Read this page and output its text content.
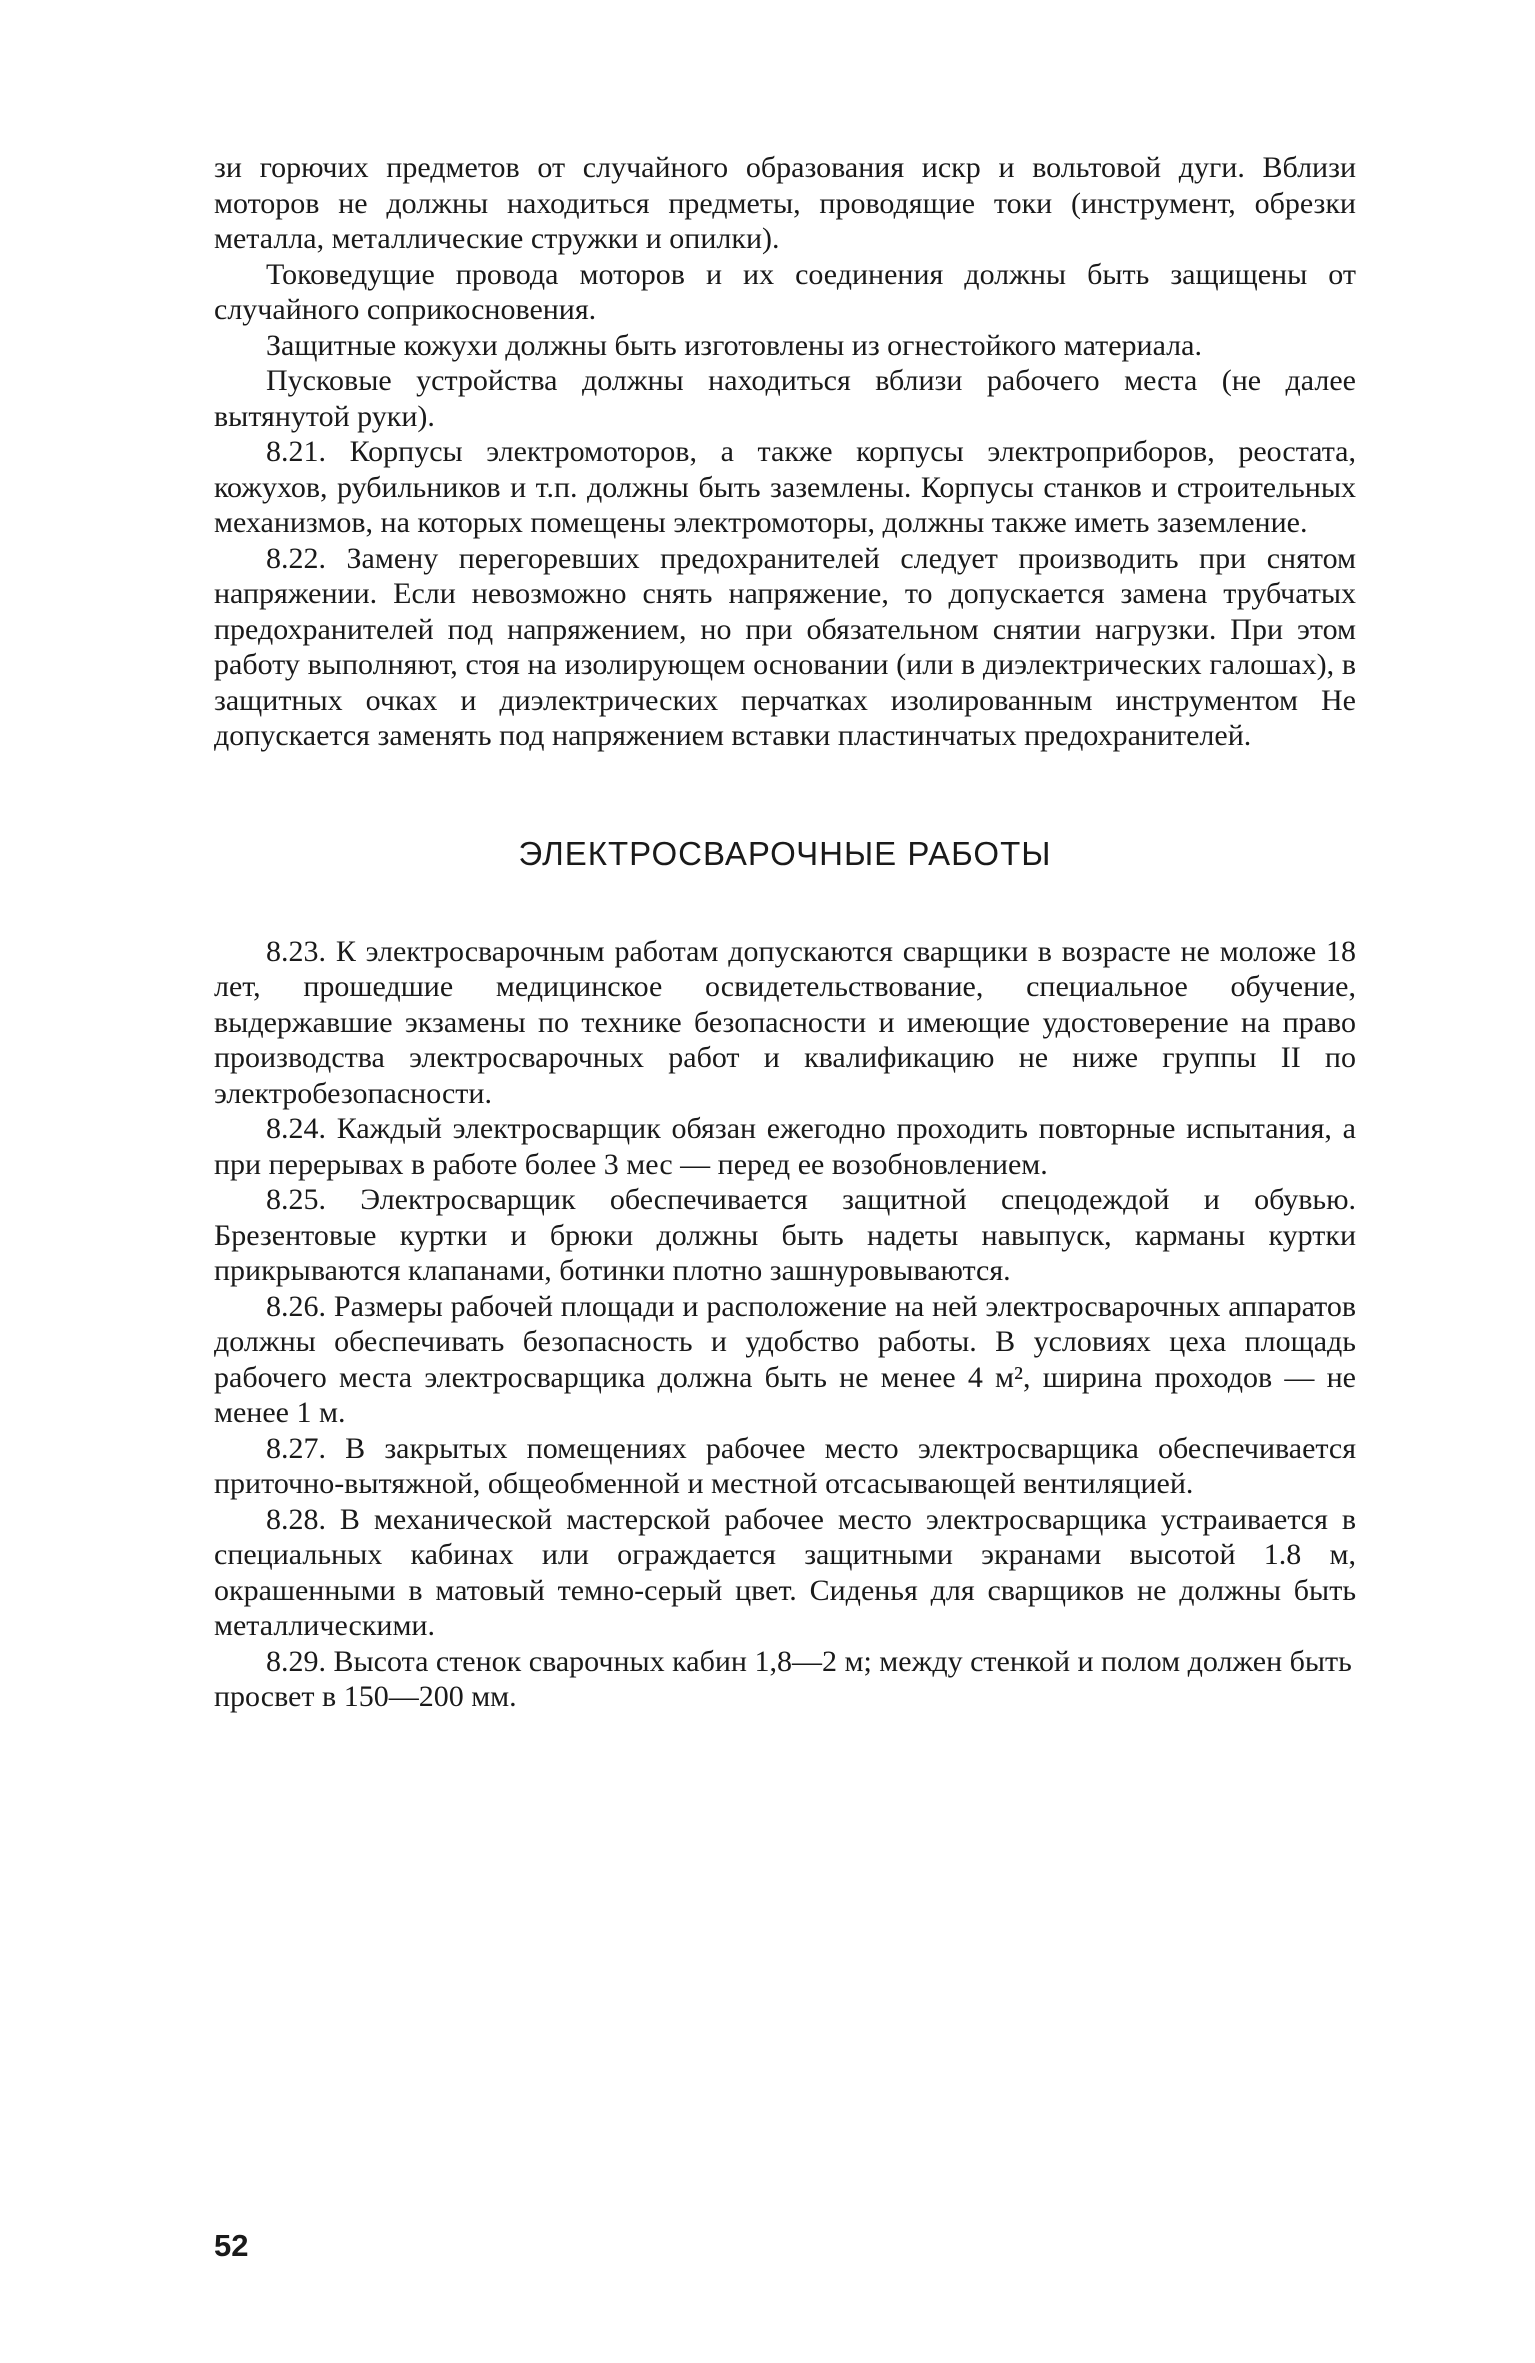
зи горючих предметов от случайного образования искр и вольтовой дуги. Вблизи моторов не должны находиться предметы, проводящие токи (инструмент, обрезки металла, металлические стружки и опилки).

Токоведущие провода моторов и их соединения должны быть защищены от случайного соприкосновения.

Защитные кожухи должны быть изготовлены из огнестойкого материала.

Пусковые устройства должны находиться вблизи рабочего места (не далее вытянутой руки).

8.21. Корпусы электромоторов, а также корпусы электроприборов, реостата, кожухов, рубильников и т.п. должны быть заземлены. Корпусы станков и строительных механизмов, на которых помещены электромоторы, должны также иметь заземление.

8.22. Замену перегоревших предохранителей следует производить при снятом напряжении. Если невозможно снять напряжение, то допускается замена трубчатых предохранителей под напряжением, но при обязательном снятии нагрузки. При этом работу выполняют, стоя на изолирующем основании (или в диэлектрических галошах), в защитных очках и диэлектрических перчатках изолированным инструментом Не допускается заменять под напряжением вставки пластинчатых предохранителей.

ЭЛЕКТРОСВАРОЧНЫЕ РАБОТЫ

8.23. К электросварочным работам допускаются сварщики в возрасте не моложе 18 лет, прошедшие медицинское освидетельствование, специальное обучение, выдержавшие экзамены по технике безопасности и имеющие удостоверение на право производства электросварочных работ и квалификацию не ниже группы II по электробезопасности.

8.24. Каждый электросварщик обязан ежегодно проходить повторные испытания, а при перерывах в работе более 3 мес — перед ее возобновлением.

8.25. Электросварщик обеспечивается защитной спецодеждой и обувью. Брезентовые куртки и брюки должны быть надеты навыпуск, карманы куртки прикрываются клапанами, ботинки плотно зашнуровываются.

8.26. Размеры рабочей площади и расположение на ней электросварочных аппаратов должны обеспечивать безопасность и удобство работы. В условиях цеха площадь рабочего места электросварщика должна быть не менее 4 м², ширина проходов — не менее 1 м.

8.27. В закрытых помещениях рабочее место электросварщика обеспечивается приточно-вытяжной, общеобменной и местной отсасывающей вентиляцией.

8.28. В механической мастерской рабочее место электросварщика устраивается в специальных кабинах или ограждается защитными экранами высотой 1.8 м, окрашенными в матовый темно-серый цвет. Сиденья для сварщиков не должны быть металлическими.

8.29. Высота стенок сварочных кабин 1,8—2 м; между стенкой и полом должен быть просвет в 150—200 мм.

52
